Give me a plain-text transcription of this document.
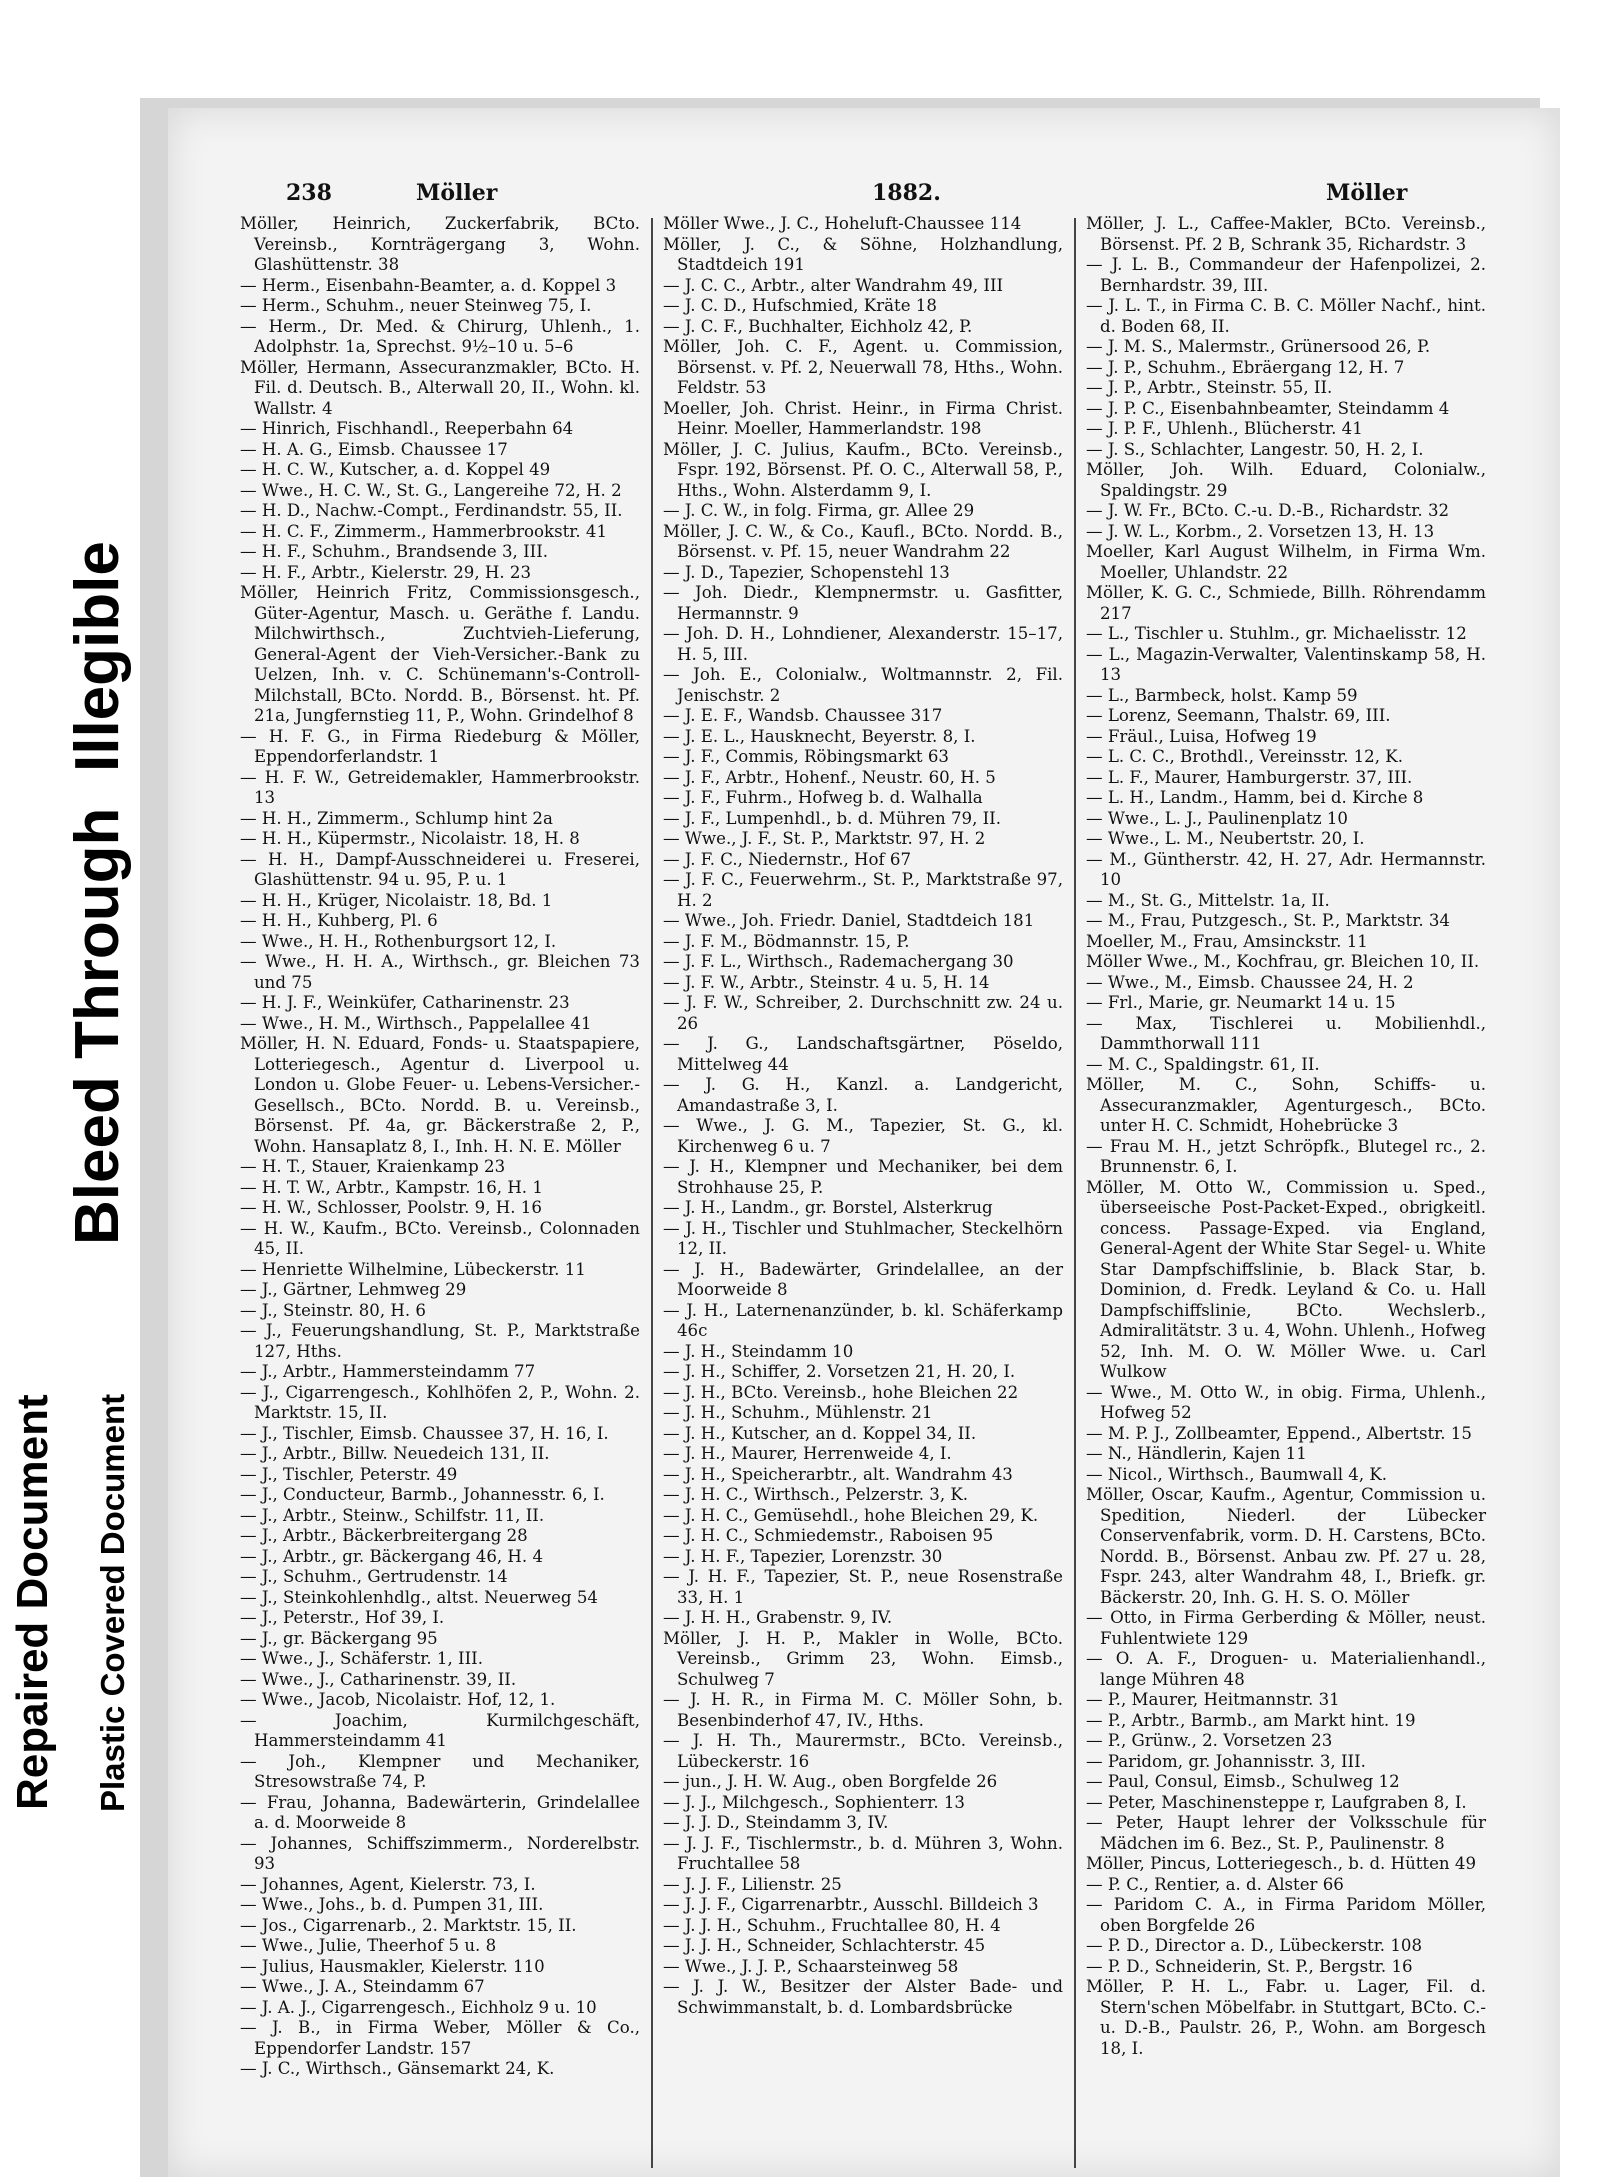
Repaired Document Plastic Covered Document
Bleed Through
Illegible
238	Möller	1882.	Möller

Möller, Heinrich, Zuckerfabrik, BCto. Vereinsb., Kornträgergang 3, Wohn. Glashüttenstr. 38

— Herm., Eisenbahn-Beamter, a. d. Koppel 3

— Herm., Schuhm., neuer Steinweg 75, I.

— Herm., Dr. Med. & Chirurg, Uhlenh., 1. Adolphstr. 1a, Sprechst. 9½–10 u. 5–6

Möller, Hermann, Assecuranzmakler, BCto. H. Fil. d. Deutsch. B., Alterwall 20, II., Wohn. kl. Wallstr. 4

— Hinrich, Fischhandl., Reeperbahn 64

— H. A. G., Eimsb. Chaussee 17

— H. C. W., Kutscher, a. d. Koppel 49

— Wwe., H. C. W., St. G., Langereihe 72, H. 2

— H. D., Nachw.-Compt., Ferdinandstr. 55, II.

— H. C. F., Zimmerm., Hammerbrookstr. 41

— H. F., Schuhm., Brandsende 3, III.

— H. F., Arbtr., Kielerstr. 29, H. 23

Möller, Heinrich Fritz, Commissionsgesch., Güter-Agentur, Masch. u. Geräthe f. Landu. Milchwirthsch., Zuchtvieh-Lieferung, General-Agent der Vieh-Versicher.-Bank zu Uelzen, Inh. v. C. Schünemann's-Controll-Milchstall, BCto. Nordd. B., Börsenst. ht. Pf. 21a, Jungfernstieg 11, P., Wohn. Grindelhof 8

— H. F. G., in Firma Riedeburg & Möller, Eppendorferlandstr. 1

— H. F. W., Getreidemakler, Hammerbrookstr. 13

— H. H., Zimmerm., Schlump hint 2a

— H. H., Küpermstr., Nicolaistr. 18, H. 8

— H. H., Dampf-Ausschneiderei u. Freserei, Glashüttenstr. 94 u. 95, P. u. 1

— H. H., Krüger, Nicolaistr. 18, Bd. 1

— H. H., Kuhberg, Pl. 6

— Wwe., H. H., Rothenburgsort 12, I.

— Wwe., H. H. A., Wirthsch., gr. Bleichen 73 und 75

— H. J. F., Weinküfer, Catharinenstr. 23

— Wwe., H. M., Wirthsch., Pappelallee 41

Möller, H. N. Eduard, Fonds- u. Staatspapiere, Lotteriegesch., Agentur d. Liverpool u. London u. Globe Feuer- u. Lebens-Versicher.-Gesellsch., BCto. Nordd. B. u. Vereinsb., Börsenst. Pf. 4a, gr. Bäckerstraße 2, P., Wohn. Hansaplatz 8, I., Inh. H. N. E. Möller

— H. T., Stauer, Kraienkamp 23

— H. T. W., Arbtr., Kampstr. 16, H. 1

— H. W., Schlosser, Poolstr. 9, H. 16

— H. W., Kaufm., BCto. Vereinsb., Colonnaden 45, II.

— Henriette Wilhelmine, Lübeckerstr. 11

— J., Gärtner, Lehmweg 29

— J., Steinstr. 80, H. 6

— J., Feuerungshandlung, St. P., Marktstraße 127, Hths.

— J., Arbtr., Hammersteindamm 77

— J., Cigarrengesch., Kohlhöfen 2, P., Wohn. 2. Marktstr. 15, II.

— J., Tischler, Eimsb. Chaussee 37, H. 16, I.

— J., Arbtr., Billw. Neuedeich 131, II.

— J., Tischler, Peterstr. 49

— J., Conducteur, Barmb., Johannesstr. 6, I.

— J., Arbtr., Steinw., Schilfstr. 11, II.

— J., Arbtr., Bäckerbreitergang 28

— J., Arbtr., gr. Bäckergang 46, H. 4

— J., Schuhm., Gertrudenstr. 14

— J., Steinkohlenhdlg., altst. Neuerweg 54

— J., Peterstr., Hof 39, I.

— J., gr. Bäckergang 95

— Wwe., J., Schäferstr. 1, III.

— Wwe., J., Catharinenstr. 39, II.

— Wwe., Jacob, Nicolaistr. Hof, 12, 1.

— Joachim, Kurmilchgeschäft, Hammersteindamm 41

— Joh., Klempner und Mechaniker, Stresowstraße 74, P.

— Frau, Johanna, Badewärterin, Grindelallee a. d. Moorweide 8

— Johannes, Schiffszimmerm., Norderelbstr. 93

— Johannes, Agent, Kielerstr. 73, I.

— Wwe., Johs., b. d. Pumpen 31, III.

— Jos., Cigarrenarb., 2. Marktstr. 15, II.

— Wwe., Julie, Theerhof 5 u. 8

— Julius, Hausmakler, Kielerstr. 110

— Wwe., J. A., Steindamm 67

— J. A. J., Cigarrengesch., Eichholz 9 u. 10

— J. B., in Firma Weber, Möller & Co., Eppendorfer Landstr. 157

— J. C., Wirthsch., Gänsemarkt 24, K.

Möller Wwe., J. C., Hoheluft-Chaussee 114

Möller, J. C., & Söhne, Holzhandlung, Stadtdeich 191

— J. C. C., Arbtr., alter Wandrahm 49, III

— J. C. D., Hufschmied, Kräte 18

— J. C. F., Buchhalter, Eichholz 42, P.

Möller, Joh. C. F., Agent. u. Commission, Börsenst. v. Pf. 2, Neuerwall 78, Hths., Wohn. Feldstr. 53

Moeller, Joh. Christ. Heinr., in Firma Christ. Heinr. Moeller, Hammerlandstr. 198

Möller, J. C. Julius, Kaufm., BCto. Vereinsb., Fspr. 192, Börsenst. Pf. O. C., Alterwall 58, P., Hths., Wohn. Alsterdamm 9, I.

— J. C. W., in folg. Firma, gr. Allee 29

Möller, J. C. W., & Co., Kaufl., BCto. Nordd. B., Börsenst. v. Pf. 15, neuer Wandrahm 22

— J. D., Tapezier, Schopenstehl 13

— Joh. Diedr., Klempnermstr. u. Gasfitter, Hermannstr. 9

— Joh. D. H., Lohndiener, Alexanderstr. 15–17, H. 5, III.

— Joh. E., Colonialw., Woltmannstr. 2, Fil. Jenischstr. 2

— J. E. F., Wandsb. Chaussee 317

— J. E. L., Hausknecht, Beyerstr. 8, I.

— J. F., Commis, Röbingsmarkt 63

— J. F., Arbtr., Hohenf., Neustr. 60, H. 5

— J. F., Fuhrm., Hofweg b. d. Walhalla

— J. F., Lumpenhdl., b. d. Mühren 79, II.

— Wwe., J. F., St. P., Marktstr. 97, H. 2

— J. F. C., Niedernstr., Hof 67

— J. F. C., Feuerwehrm., St. P., Marktstraße 97, H. 2

— Wwe., Joh. Friedr. Daniel, Stadtdeich 181

— J. F. M., Bödmannstr. 15, P.

— J. F. L., Wirthsch., Rademachergang 30

— J. F. W., Arbtr., Steinstr. 4 u. 5, H. 14

— J. F. W., Schreiber, 2. Durchschnitt zw. 24 u. 26

— J. G., Landschaftsgärtner, Pöseldo, Mittelweg 44

— J. G. H., Kanzl. a. Landgericht, Amandastraße 3, I.

— Wwe., J. G. M., Tapezier, St. G., kl. Kirchenweg 6 u. 7

— J. H., Klempner und Mechaniker, bei dem Strohhause 25, P.

— J. H., Landm., gr. Borstel, Alsterkrug

— J. H., Tischler und Stuhlmacher, Steckelhörn 12, II.

— J. H., Badewärter, Grindelallee, an der Moorweide 8

— J. H., Laternenanzünder, b. kl. Schäferkamp 46c

— J. H., Steindamm 10

— J. H., Schiffer, 2. Vorsetzen 21, H. 20, I.

— J. H., BCto. Vereinsb., hohe Bleichen 22

— J. H., Schuhm., Mühlenstr. 21

— J. H., Kutscher, an d. Koppel 34, II.

— J. H., Maurer, Herrenweide 4, I.

— J. H., Speicherarbtr., alt. Wandrahm 43

— J. H. C., Wirthsch., Pelzerstr. 3, K.

— J. H. C., Gemüsehdl., hohe Bleichen 29, K.

— J. H. C., Schmiedemstr., Raboisen 95

— J. H. F., Tapezier, Lorenzstr. 30

— J. H. F., Tapezier, St. P., neue Rosenstraße 33, H. 1

— J. H. H., Grabenstr. 9, IV.

Möller, J. H. P., Makler in Wolle, BCto. Vereinsb., Grimm 23, Wohn. Eimsb., Schulweg 7

— J. H. R., in Firma M. C. Möller Sohn, b. Besenbinderhof 47, IV., Hths.

— J. H. Th., Maurermstr., BCto. Vereinsb., Lübeckerstr. 16

— jun., J. H. W. Aug., oben Borgfelde 26

— J. J., Milchgesch., Sophienterr. 13

— J. J. D., Steindamm 3, IV.

— J. J. F., Tischlermstr., b. d. Mühren 3, Wohn. Fruchtallee 58

— J. J. F., Lilienstr. 25

— J. J. F., Cigarrenarbtr., Ausschl. Billdeich 3

— J. J. H., Schuhm., Fruchtallee 80, H. 4

— J. J. H., Schneider, Schlachterstr. 45

— Wwe., J. J. P., Schaarsteinweg 58

— J. J. W., Besitzer der Alster Bade- und Schwimmanstalt, b. d. Lombardsbrücke

Möller, J. L., Caffee-Makler, BCto. Vereinsb., Börsenst. Pf. 2 B, Schrank 35, Richardstr. 3

— J. L. B., Commandeur der Hafenpolizei, 2. Bernhardstr. 39, III.

— J. L. T., in Firma C. B. C. Möller Nachf., hint. d. Boden 68, II.

— J. M. S., Malermstr., Grünersood 26, P.

— J. P., Schuhm., Ebräergang 12, H. 7

— J. P., Arbtr., Steinstr. 55, II.

— J. P. C., Eisenbahnbeamter, Steindamm 4

— J. P. F., Uhlenh., Blücherstr. 41

— J. S., Schlachter, Langestr. 50, H. 2, I.

Möller, Joh. Wilh. Eduard, Colonialw., Spaldingstr. 29

— J. W. Fr., BCto. C.-u. D.-B., Richardstr. 32

— J. W. L., Korbm., 2. Vorsetzen 13, H. 13

Moeller, Karl August Wilhelm, in Firma Wm. Moeller, Uhlandstr. 22

Möller, K. G. C., Schmiede, Billh. Röhrendamm 217

— L., Tischler u. Stuhlm., gr. Michaelisstr. 12

— L., Magazin-Verwalter, Valentinskamp 58, H. 13

— L., Barmbeck, holst. Kamp 59

— Lorenz, Seemann, Thalstr. 69, III.

— Fräul., Luisa, Hofweg 19

— L. C. C., Brothdl., Vereinsstr. 12, K.

— L. F., Maurer, Hamburgerstr. 37, III.

— L. H., Landm., Hamm, bei d. Kirche 8

— Wwe., L. J., Paulinenplatz 10

— Wwe., L. M., Neubertstr. 20, I.

— M., Güntherstr. 42, H. 27, Adr. Hermannstr. 10

— M., St. G., Mittelstr. 1a, II.

— M., Frau, Putzgesch., St. P., Marktstr. 34

Moeller, M., Frau, Amsinckstr. 11

Möller Wwe., M., Kochfrau, gr. Bleichen 10, II.

— Wwe., M., Eimsb. Chaussee 24, H. 2

— Frl., Marie, gr. Neumarkt 14 u. 15

— Max, Tischlerei u. Mobilienhdl., Dammthorwall 111

— M. C., Spaldingstr. 61, II.

Möller, M. C., Sohn, Schiffs- u. Assecuranzmakler, Agenturgesch., BCto. unter H. C. Schmidt, Hohebrücke 3

— Frau M. H., jetzt Schröpfk., Blutegel rc., 2. Brunnenstr. 6, I.

Möller, M. Otto W., Commission u. Sped., überseeische Post-Packet-Exped., obrigkeitl. concess. Passage-Exped. via England, General-Agent der White Star Segel- u. White Star Dampfschiffslinie, b. Black Star, b. Dominion, d. Fredk. Leyland & Co. u. Hall Dampfschiffslinie, BCto. Wechslerb., Admiralitätstr. 3 u. 4, Wohn. Uhlenh., Hofweg 52, Inh. M. O. W. Möller Wwe. u. Carl Wulkow

— Wwe., M. Otto W., in obig. Firma, Uhlenh., Hofweg 52

— M. P. J., Zollbeamter, Eppend., Albertstr. 15

— N., Händlerin, Kajen 11

— Nicol., Wirthsch., Baumwall 4, K.

Möller, Oscar, Kaufm., Agentur, Commission u. Spedition, Niederl. der Lübecker Conservenfabrik, vorm. D. H. Carstens, BCto. Nordd. B., Börsenst. Anbau zw. Pf. 27 u. 28, Fspr. 243, alter Wandrahm 48, I., Briefk. gr. Bäckerstr. 20, Inh. G. H. S. O. Möller

— Otto, in Firma Gerberding & Möller, neust. Fuhlentwiete 129

— O. A. F., Droguen- u. Materialienhandl., lange Mühren 48

— P., Maurer, Heitmannstr. 31

— P., Arbtr., Barmb., am Markt hint. 19

— P., Grünw., 2. Vorsetzen 23

— Paridom, gr. Johannisstr. 3, III.

— Paul, Consul, Eimsb., Schulweg 12

— Peter, Maschinensteppe r, Laufgraben 8, I.

— Peter, Haupt lehrer der Volksschule für Mädchen im 6. Bez., St. P., Paulinenstr. 8

Möller, Pincus, Lotteriegesch., b. d. Hütten 49

— P. C., Rentier, a. d. Alster 66

— Paridom C. A., in Firma Paridom Möller, oben Borgfelde 26

— P. D., Director a. D., Lübeckerstr. 108

— P. D., Schneiderin, St. P., Bergstr. 16

Möller, P. H. L., Fabr. u. Lager, Fil. d. Stern'schen Möbelfabr. in Stuttgart, BCto. C.-u. D.-B., Paulstr. 26, P., Wohn. am Borgesch 18, I.
